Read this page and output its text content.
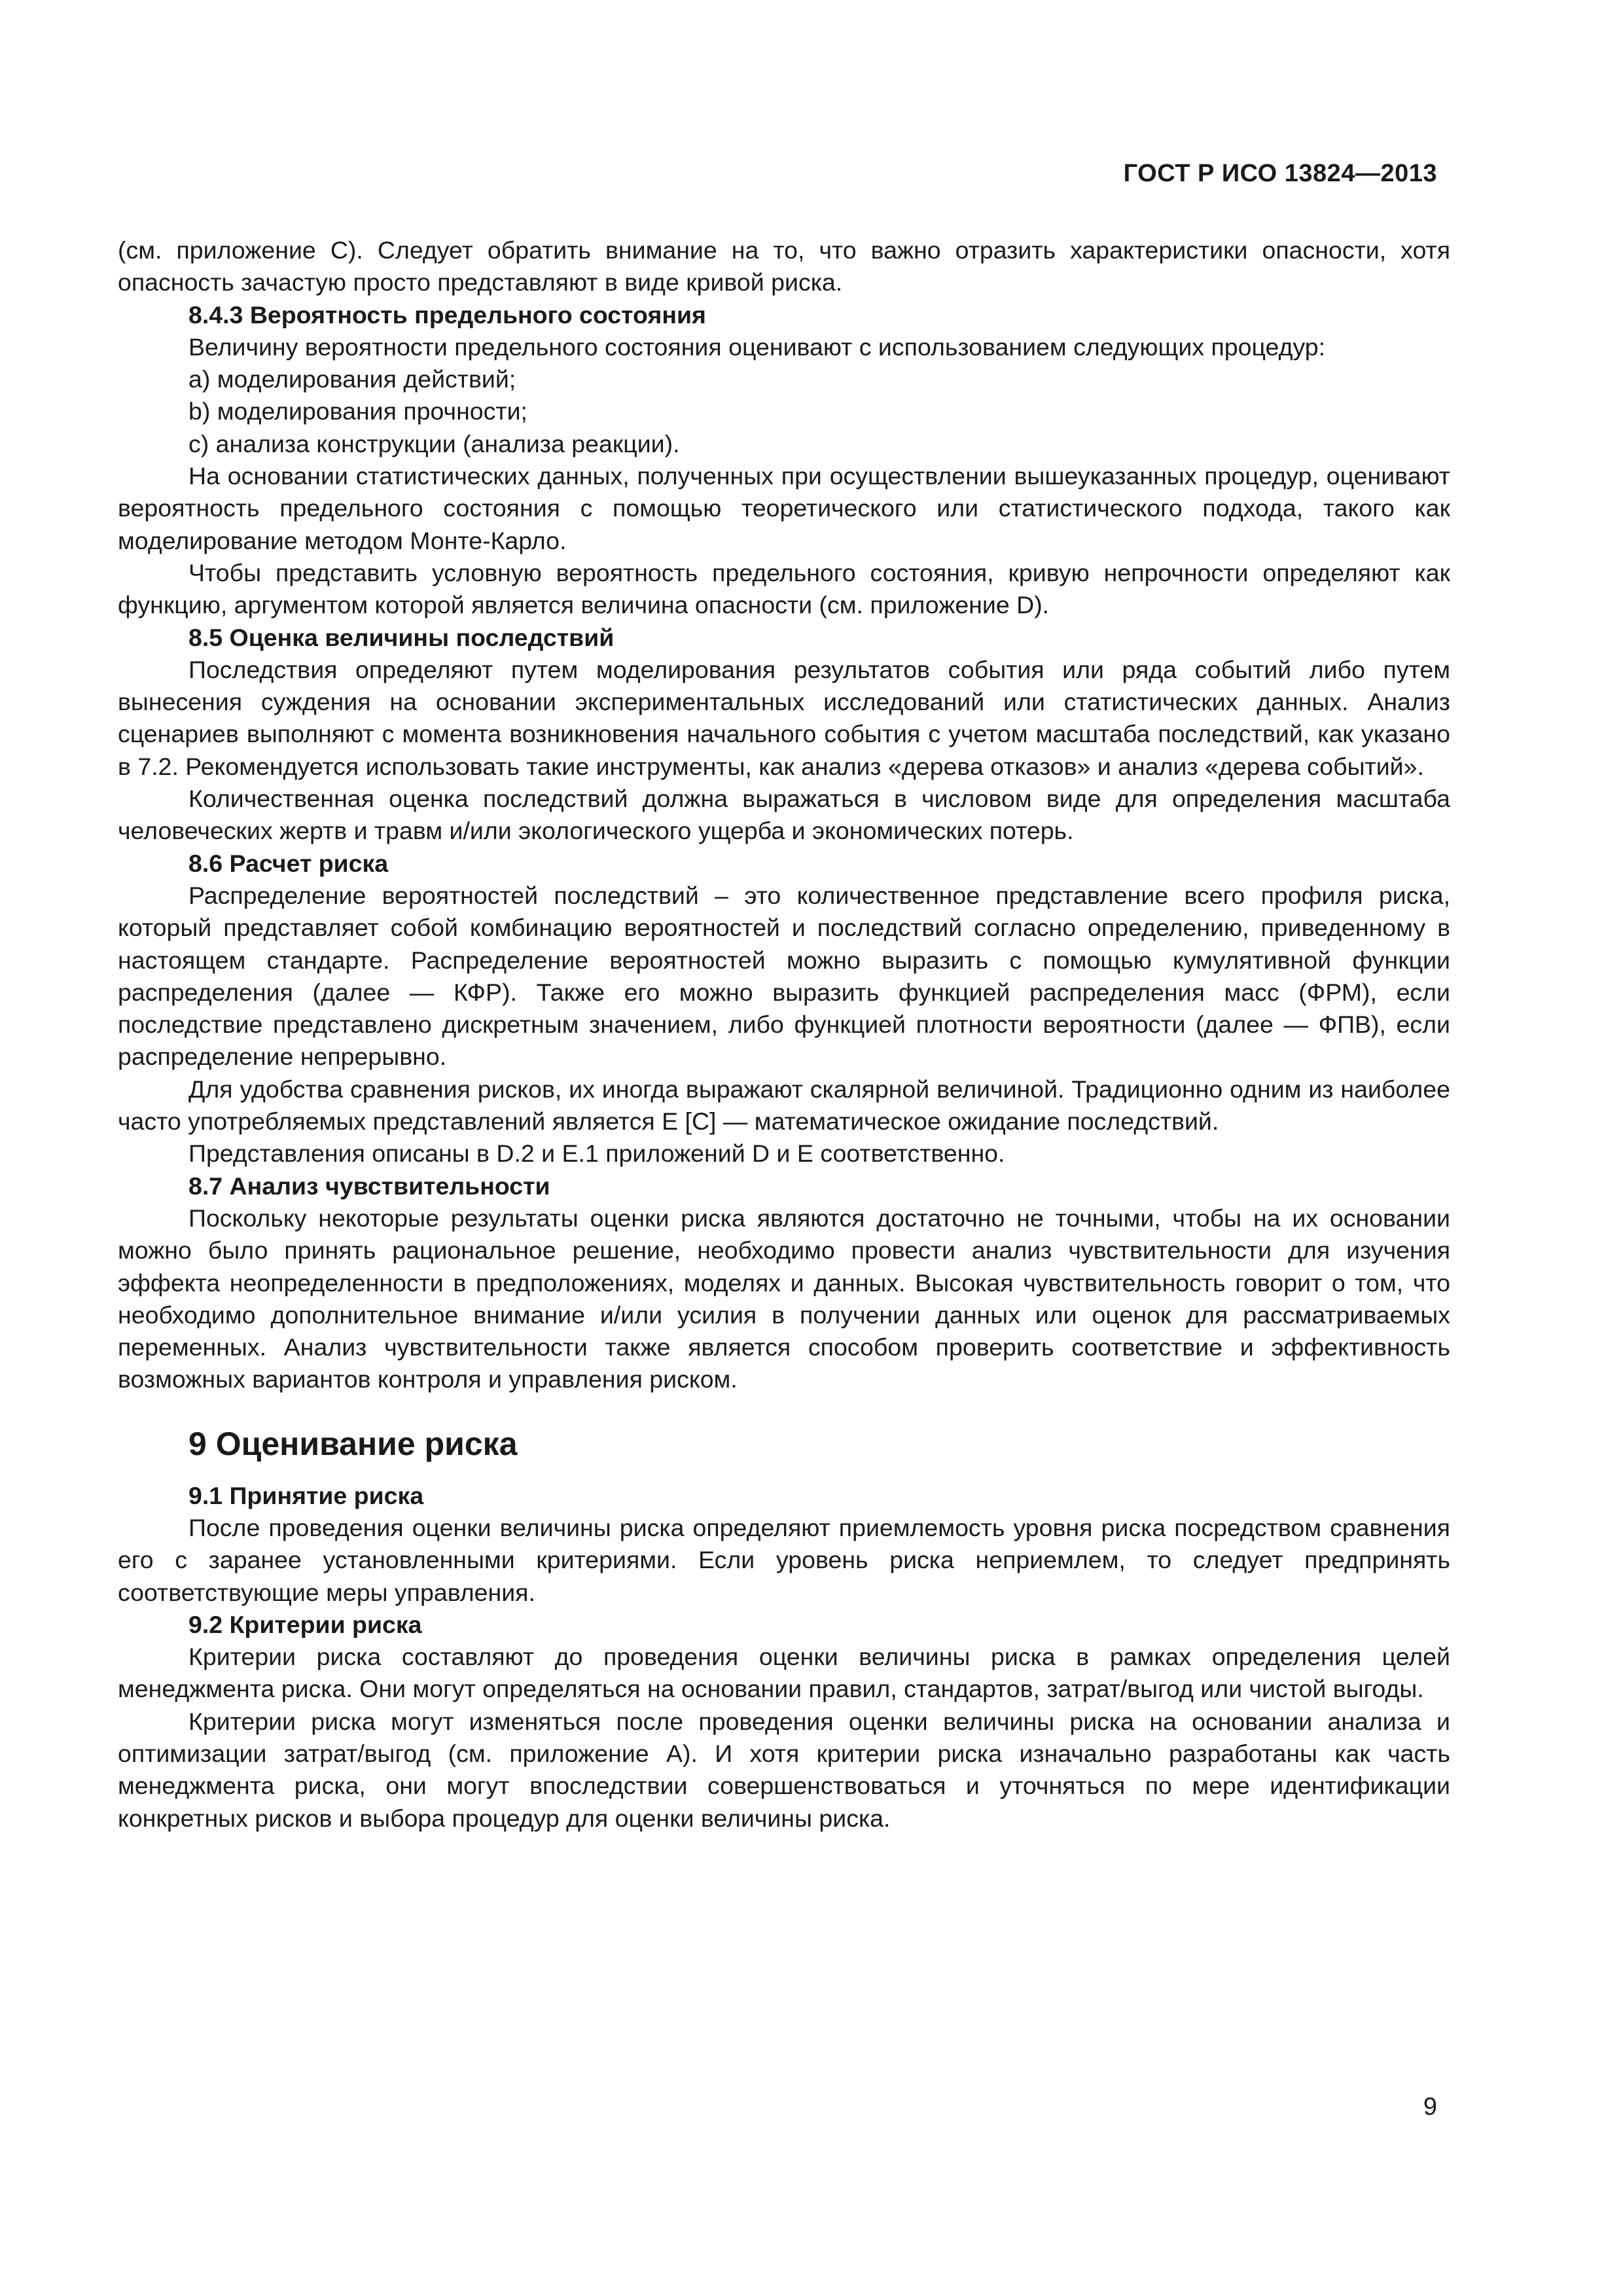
ГОСТ Р ИСО 13824—2013

(см. приложение С). Следует обратить внимание на то, что важно отразить характеристики опасности, хотя опасность зачастую просто представляют в виде кривой риска.

8.4.3 Вероятность предельного состояния

Величину вероятности предельного состояния оценивают с использованием следующих процедур:

a) моделирования действий;

b) моделирования прочности;

c) анализа конструкции (анализа реакции).

На основании статистических данных, полученных при осуществлении вышеуказанных процедур, оценивают вероятность предельного состояния с помощью теоретического или статистического подхода, такого как моделирование методом Монте-Карло.

Чтобы представить условную вероятность предельного состояния, кривую непрочности определяют как функцию, аргументом которой является величина опасности (см. приложение D).

8.5 Оценка величины последствий

Последствия определяют путем моделирования результатов события или ряда событий либо путем вынесения суждения на основании экспериментальных исследований или статистических данных. Анализ сценариев выполняют с момента возникновения начального события с учетом масштаба последствий, как указано в 7.2. Рекомендуется использовать такие инструменты, как анализ «дерева отказов» и анализ «дерева событий».

Количественная оценка последствий должна выражаться в числовом виде для определения масштаба человеческих жертв и травм и/или экологического ущерба и экономических потерь.

8.6 Расчет риска

Распределение вероятностей последствий – это количественное представление всего профиля риска, который представляет собой комбинацию вероятностей и последствий согласно определению, приведенному в настоящем стандарте. Распределение вероятностей можно выразить с помощью кумулятивной функции распределения (далее — КФР). Также его можно выразить функцией распределения масс (ФРМ), если последствие представлено дискретным значением, либо функцией плотности вероятности (далее — ФПВ), если распределение непрерывно.

Для удобства сравнения рисков, их иногда выражают скалярной величиной. Традиционно одним из наиболее часто употребляемых представлений является E [C] — математическое ожидание последствий.

Представления описаны в D.2 и E.1 приложений D и E соответственно.

8.7 Анализ чувствительности

Поскольку некоторые результаты оценки риска являются достаточно не точными, чтобы на их основании можно было принять рациональное решение, необходимо провести анализ чувствительности для изучения эффекта неопределенности в предположениях, моделях и данных. Высокая чувствительность говорит о том, что необходимо дополнительное внимание и/или усилия в получении данных или оценок для рассматриваемых переменных. Анализ чувствительности также является способом проверить соответствие и эффективность возможных вариантов контроля и управления риском.

9 Оценивание риска
9.1 Принятие риска

После проведения оценки величины риска определяют приемлемость уровня риска посредством сравнения его с заранее установленными критериями. Если уровень риска неприемлем, то следует предпринять соответствующие меры управления.

9.2 Критерии риска

Критерии риска составляют до проведения оценки величины риска в рамках определения целей менеджмента риска. Они могут определяться на основании правил, стандартов, затрат/выгод или чистой выгоды.

Критерии риска могут изменяться после проведения оценки величины риска на основании анализа и оптимизации затрат/выгод (см. приложение А). И хотя критерии риска изначально разработаны как часть менеджмента риска, они могут впоследствии совершенствоваться и уточняться по мере идентификации конкретных рисков и выбора процедур для оценки величины риска.

9
